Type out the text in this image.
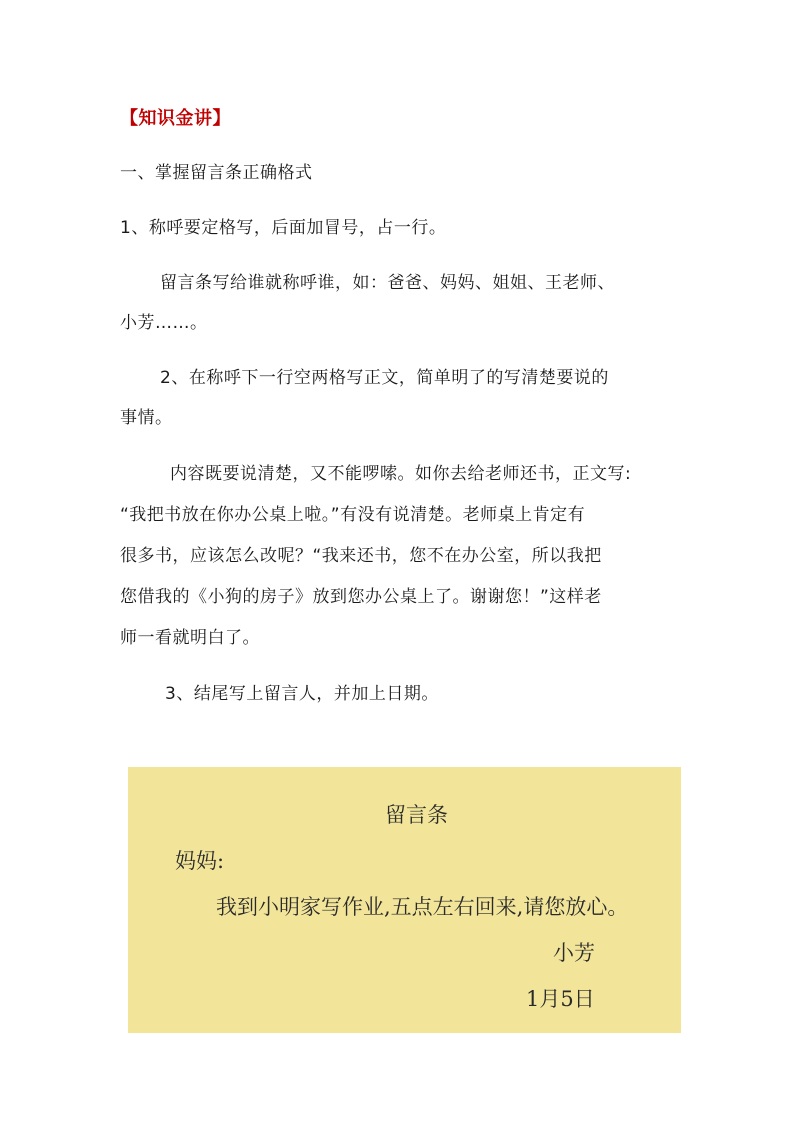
【知识金讲】
一、掌握留言条正确格式
1、称呼要定格写，后面加冒号，占一行。
留言条写给谁就称呼谁，如：爸爸、妈妈、姐姐、王老师、
小芳……。
2、在称呼下一行空两格写正文，简单明了的写清楚要说的
事情。
内容既要说清楚，又不能啰嗦。如你去给老师还书，正文写:
“我把书放在你办公桌上啦。”有没有说清楚。老师桌上肯定有
很多书，应该怎么改呢？“我来还书，您不在办公室，所以我把
您借我的《小狗的房子》放到您办公桌上了。谢谢您！”这样老
师一看就明白了。
3、结尾写上留言人，并加上日期。
留言条
妈妈:
我到小明家写作业,五点左右回来,请您放心。
小芳
1月5日
